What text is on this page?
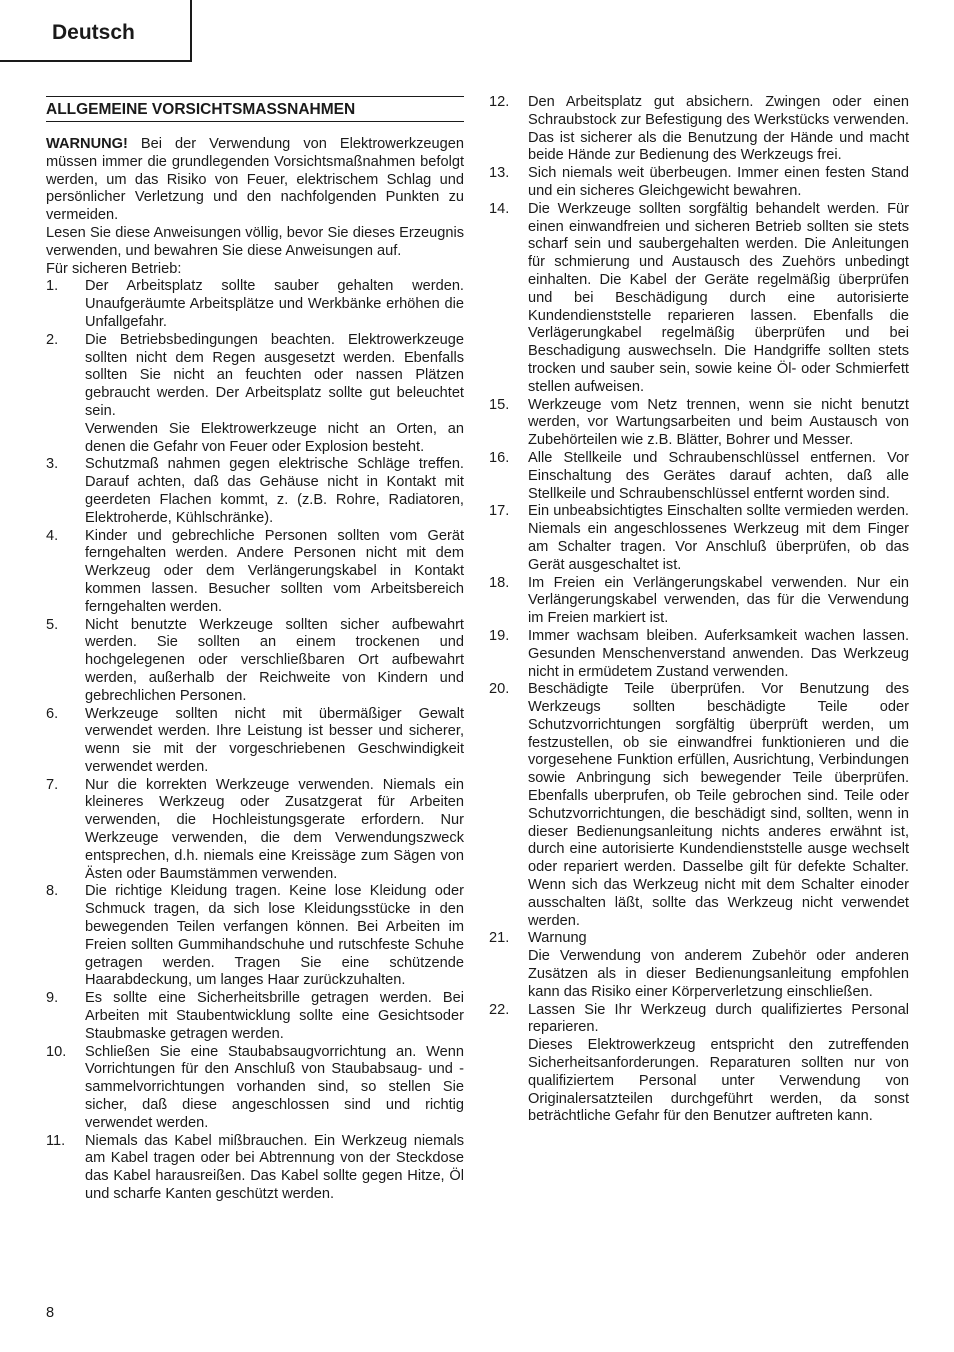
Deutsch
ALLGEMEINE VORSICHTSMASSNAHMEN

WARNUNG! Bei der Verwendung von Elektrowerkzeugen müssen immer die grundlegenden Vorsichtsmaßnahmen befolgt werden, um das Risiko von Feuer, elektrischem Schlag und persönlicher Verletzung und den nachfolgenden Punkten zu vermeiden.

Lesen Sie diese Anweisungen völlig, bevor Sie dieses Erzeugnis verwenden, und bewahren Sie diese Anweisungen auf.

Für sicheren Betrieb:

1. Der Arbeitsplatz sollte sauber gehalten werden. Unaufgeräumte Arbeitsplätze und Werkbänke erhöhen die Unfallgefahr.
2. Die Betriebsbedingungen beachten. Elektrowerkzeuge sollten nicht dem Regen ausgesetzt werden. Ebenfalls sollten Sie nicht an feuchten oder nassen Plätzen gebraucht werden. Der Arbeitsplatz sollte gut beleuchtet sein.
Verwenden Sie Elektrowerkzeuge nicht an Orten, an denen die Gefahr von Feuer oder Explosion besteht.
3. Schutzmaß nahmen gegen elektrische Schläge treffen. Darauf achten, daß das Gehäuse nicht in Kontakt mit geerdeten Flachen kommt, z. (z.B. Rohre, Radiatoren, Elektroherde, Kühlschränke).
4. Kinder und gebrechliche Personen sollten vom Gerät ferngehalten werden. Andere Personen nicht mit dem Werkzeug oder dem Verlängerungskabel in Kontakt kommen lassen. Besucher sollten vom Arbeitsbereich ferngehalten werden.
5. Nicht benutzte Werkzeuge sollten sicher aufbewahrt werden. Sie sollten an einem trockenen und hochgelegenen oder verschließbaren Ort aufbewahrt werden, außerhalb der Reichweite von Kindern und gebrechlichen Personen.
6. Werkzeuge sollten nicht mit übermäßiger Gewalt verwendet werden. Ihre Leistung ist besser und sicherer, wenn sie mit der vorgeschriebenen Geschwindigkeit verwendet werden.
7. Nur die korrekten Werkzeuge verwenden. Niemals ein kleineres Werkzeug oder Zusatzgerat für Arbeiten verwenden, die Hochleistungsgerate erfordern. Nur Werkzeuge verwenden, die dem Verwendungszweck entsprechen, d.h. niemals eine Kreissäge zum Sägen von Ästen oder Baumstämmen verwenden.
8. Die richtige Kleidung tragen. Keine lose Kleidung oder Schmuck tragen, da sich lose Kleidungsstücke in den bewegenden Teilen verfangen können. Bei Arbeiten im Freien sollten Gummihandschuhe und rutschfeste Schuhe getragen werden. Tragen Sie eine schützende Haarabdeckung, um langes Haar zurückzuhalten.
9. Es sollte eine Sicherheitsbrille getragen werden. Bei Arbeiten mit Staubentwicklung sollte eine Gesichtsoder Staubmaske getragen werden.
10. Schließen Sie eine Staubabsaugvorrichtung an. Wenn Vorrichtungen für den Anschluß von Staubabsaug- und -sammelvorrichtungen vorhanden sind, so stellen Sie sicher, daß diese angeschlossen sind und richtig verwendet werden.
11. Niemals das Kabel mißbrauchen. Ein Werkzeug niemals am Kabel tragen oder bei Abtrennung von der Steckdose das Kabel harausreißen. Das Kabel sollte gegen Hitze, Öl und scharfe Kanten geschützt werden.
12. Den Arbeitsplatz gut absichern. Zwingen oder einen Schraubstock zur Befestigung des Werkstücks verwenden. Das ist sicherer als die Benutzung der Hände und macht beide Hände zur Bedienung des Werkzeugs frei.
13. Sich niemals weit überbeugen. Immer einen festen Stand und ein sicheres Gleichgewicht bewahren.
14. Die Werkzeuge sollten sorgfältig behandelt werden. Für einen einwandfreien und sicheren Betrieb sollten sie stets scharf sein und saubergehalten werden. Die Anleitungen für schmierung und Austausch des Zuehörs unbedingt einhalten. Die Kabel der Geräte regelmäßig überprüfen und bei Beschädigung durch eine autorisierte Kundendienststelle reparieren lassen. Ebenfalls die Verlägerungkabel regelmäßig überprüfen und bei Beschadigung auswechseln. Die Handgriffe sollten stets trocken und sauber sein, sowie keine Öl- oder Schmierfett stellen aufweisen.
15. Werkzeuge vom Netz trennen, wenn sie nicht benutzt werden, vor Wartungsarbeiten und beim Austausch von Zubehörteilen wie z.B. Blätter, Bohrer und Messer.
16. Alle Stellkeile und Schraubenschlüssel entfernen. Vor Einschaltung des Gerätes darauf achten, daß alle Stellkeile und Schraubenschlüssel entfernt worden sind.
17. Ein unbeabsichtigtes Einschalten sollte vermieden werden. Niemals ein angeschlossenes Werkzeug mit dem Finger am Schalter tragen. Vor Anschluß überprüfen, ob das Gerät ausgeschaltet ist.
18. Im Freien ein Verlängerungskabel verwenden. Nur ein Verlängerungskabel verwenden, das für die Verwendung im Freien markiert ist.
19. Immer wachsam bleiben. Auferksamkeit wachen lassen. Gesunden Menschenverstand anwenden. Das Werkzeug nicht in ermüdetem Zustand verwenden.
20. Beschädigte Teile überprüfen. Vor Benutzung des Werkzeugs sollten beschädigte Teile oder Schutzvorrichtungen sorgfältig überprüft werden, um festzustellen, ob sie einwandfrei funktionieren und die vorgesehene Funktion erfüllen, Ausrichtung, Verbindungen sowie Anbringung sich bewegender Teile überprüfen. Ebenfalls uberprufen, ob Teile gebrochen sind. Teile oder Schutzvorrichtungen, die beschädigt sind, sollten, wenn in dieser Bedienungsanleitung nichts anderes erwähnt ist, durch eine autorisierte Kundendienststelle ausge wechselt oder repariert werden. Dasselbe gilt für defekte Schalter. Wenn sich das Werkzeug nicht mit dem Schalter einoder ausschalten läßt, sollte das Werkzeug nicht verwendet werden.
21. Warnung
Die Verwendung von anderem Zubehör oder anderen Zusätzen als in dieser Bedienungsanleitung empfohlen kann das Risiko einer Körperverletzung einschließen.
22. Lassen Sie Ihr Werkzeug durch qualifiziertes Personal reparieren.
Dieses Elektrowerkzeug entspricht den zutreffenden Sicherheitsanforderungen. Reparaturen sollten nur von qualifiziertem Personal unter Verwendung von Originalersatzteilen durchgeführt werden, da sonst beträchtliche Gefahr für den Benutzer auftreten kann.
8
